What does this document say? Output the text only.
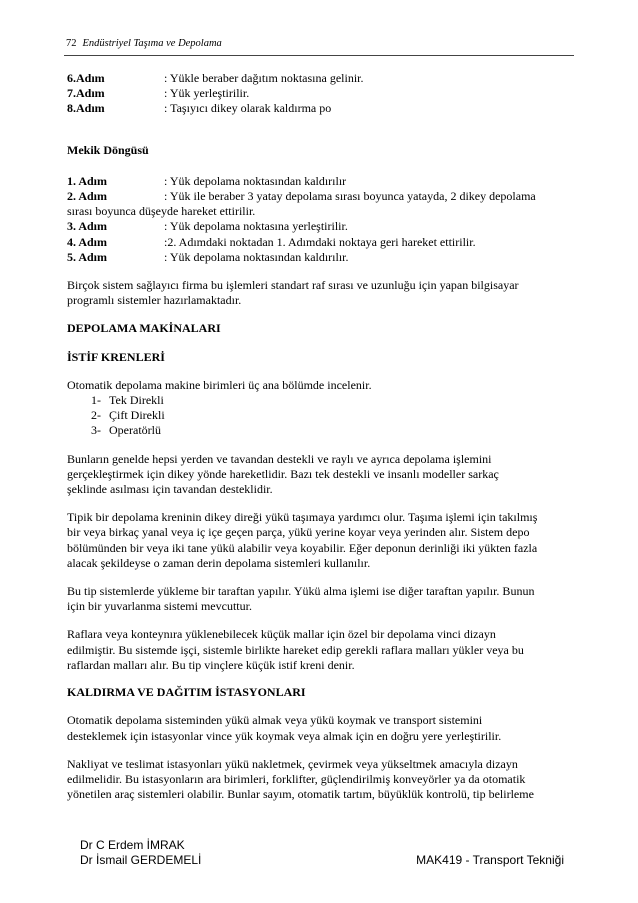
72 Endüstriyel Taşıma ve Depolama
6.Adım	: Yükle beraber dağıtım noktasına gelinir.
7.Adım	: Yük yerleştirilir.
8.Adım	: Taşıyıcı dikey olarak kaldırma po
Mekik Döngüsü
1. Adım	: Yük depolama noktasından kaldırılır
2. Adım	: Yük ile beraber 3 yatay depolama sırası boyunca yatayda, 2 dikey depolama
sırası boyunca düşeyde hareket ettirilir.
3. Adım	: Yük depolama noktasına yerleştirilir.
4. Adım	:2. Adımdaki noktadan 1. Adımdaki noktaya geri hareket ettirilir.
5. Adım	: Yük depolama noktasından kaldırılır.
Birçok sistem sağlayıcı firma bu işlemleri standart raf sırası ve uzunluğu için yapan bilgisayar
programlı sistemler hazırlamaktadır.
DEPOLAMA MAKİNALARI
İSTİF KRENLERİ
Otomatik depolama makine birimleri üç ana bölümde incelenir.
1- Tek Direkli
2- Çift Direkli
3- Operatörlü
Bunların genelde hepsi yerden ve tavandan destekli ve raylı ve ayrıca depolama işlemini
gerçekleştirmek için dikey yönde hareketlidir. Bazı tek destekli ve insanlı modeller sarkaç
şeklinde asılması için tavandan desteklidir.
Tipik bir depolama kreninin dikey direği yükü taşımaya yardımcı olur. Taşıma işlemi için takılmış
bir veya birkaç yanal veya iç içe geçen parça, yükü yerine koyar veya yerinden alır. Sistem depo
bölümünden bir veya iki tane yükü alabilir veya koyabilir. Eğer deponun derinliği iki yükten fazla
alacak şekildeyse o zaman derin depolama sistemleri kullanılır.
Bu tip sistemlerde yükleme bir taraftan yapılır. Yükü alma işlemi ise diğer taraftan yapılır. Bunun
için bir yuvarlanma sistemi mevcuttur.
Raflara veya konteynıra yüklenebilecek küçük mallar için özel bir depolama vinci dizayn
edilmiştir. Bu sistemde işçi, sistemle birlikte hareket edip gerekli raflara malları yükler veya bu
raflardan malları alır. Bu tip vinçlere küçük istif kreni denir.
KALDIRMA VE DAĞITIM İSTASYONLARI
Otomatik depolama sisteminden yükü almak veya yükü koymak ve transport sistemini
desteklemek için istasyonlar vince yük koymak veya almak için en doğru yere yerleştirilir.
Nakliyat ve teslimat istasyonları yükü nakletmek, çevirmek veya yükseltmek amacıyla dizayn
edilmelidir. Bu istasyonların ara birimleri, forklifter, güçlendirilmiş konveyörler ya da otomatik
yönetilen araç sistemleri olabilir. Bunlar sayım, otomatik tartım, büyüklük kontrolü, tip belirleme
Dr C Erdem İMRAK
Dr İsmail GERDEMELİ	MAK419 - Transport Tekniği
